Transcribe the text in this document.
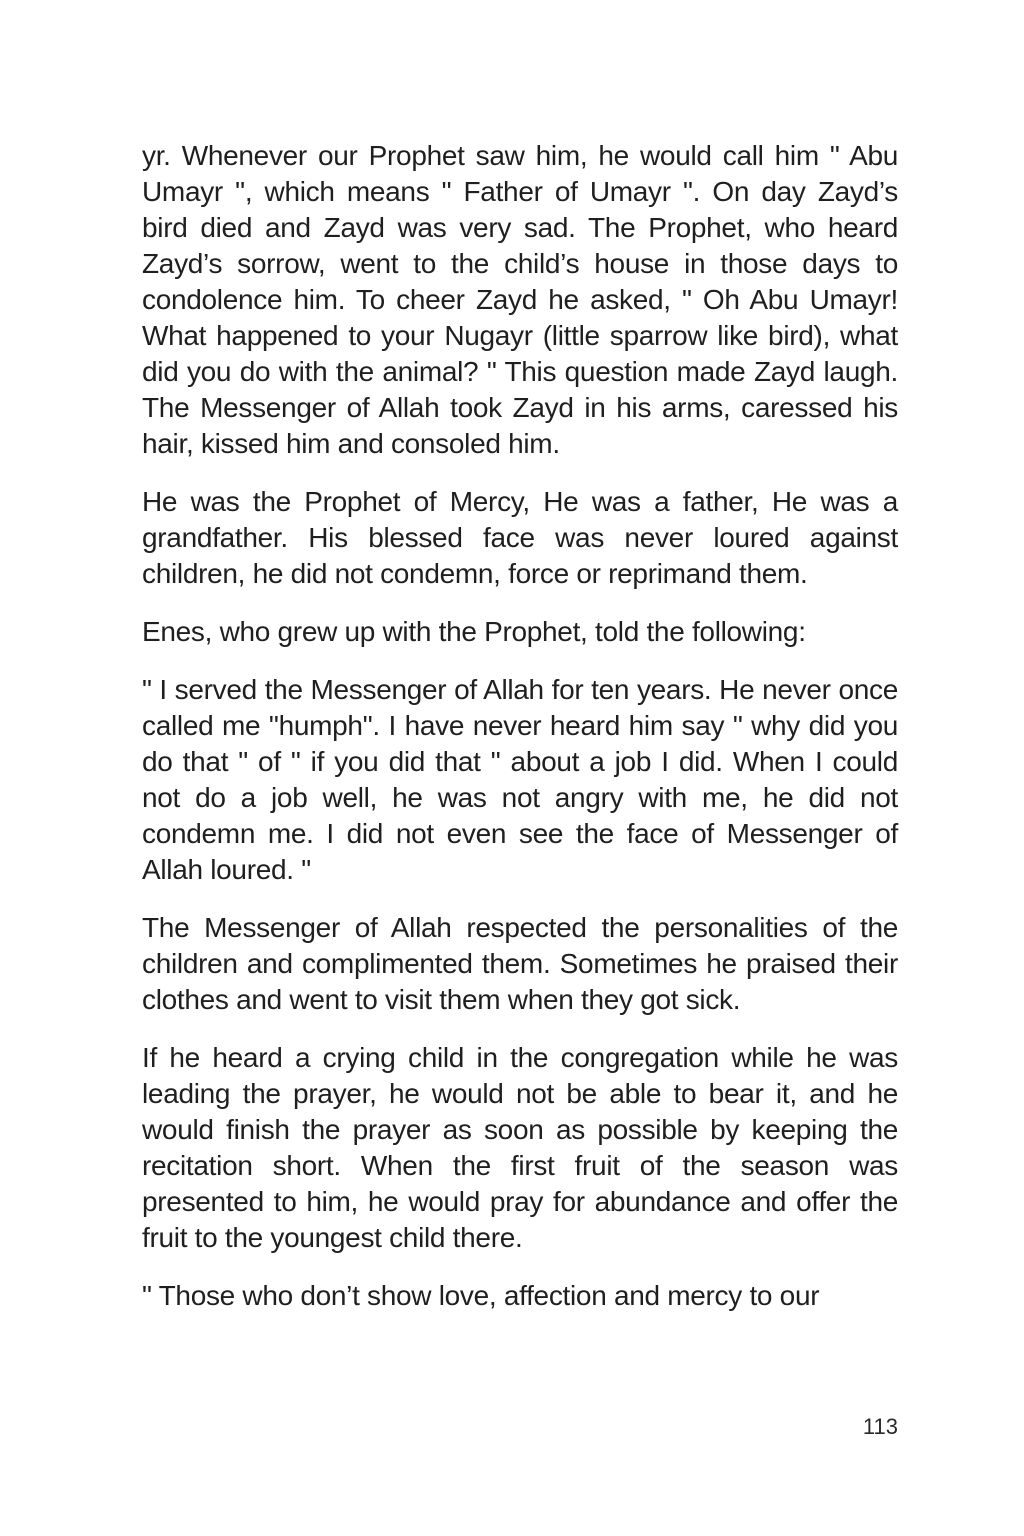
yr. Whenever our Prophet saw him, he would call him ʺ Abu Umayr ʺ, which means ʺ Father of Umayr ʺ. On day Zayd’s bird died and Zayd was very sad. The Prophet, who heard Zayd’s sorrow, went to the child’s house in those days to condolence him. To cheer Zayd he asked, ʺ Oh Abu Umayr! What happened to your Nugayr (little sparrow like bird), what did you do with the animal? ʺ This question made Zayd laugh. The Messenger of Allah took Zayd in his arms, caressed his hair, kissed him and consoled him.

He was the Prophet of Mercy, He was a father, He was a grandfather. His blessed face was never loured against children, he did not condemn, force or reprimand them.

Enes, who grew up with the Prophet, told the following:

ʺ I served the Messenger of Allah for ten years. He never once called me ʺhumphʺ. I have never heard him say ʺ why did you do that ʺ of ʺ if you did that ʺ about a job I did. When I could not do a job well, he was not angry with me, he did not condemn me. I did not even see the face of Messenger of Allah loured. ʺ

The Messenger of Allah respected the personalities of the children and complimented them. Sometimes he praised their clothes and went to visit them when they got sick.

If he heard a crying child in the congregation while he was leading the prayer, he would not be able to bear it, and he would finish the prayer as soon as possible by keeping the recitation short. When the first fruit of the season was presented to him, he would pray for abundance and offer the fruit to the youngest child there.

ʺ Those who don’t show love, affection and mercy to our

113
